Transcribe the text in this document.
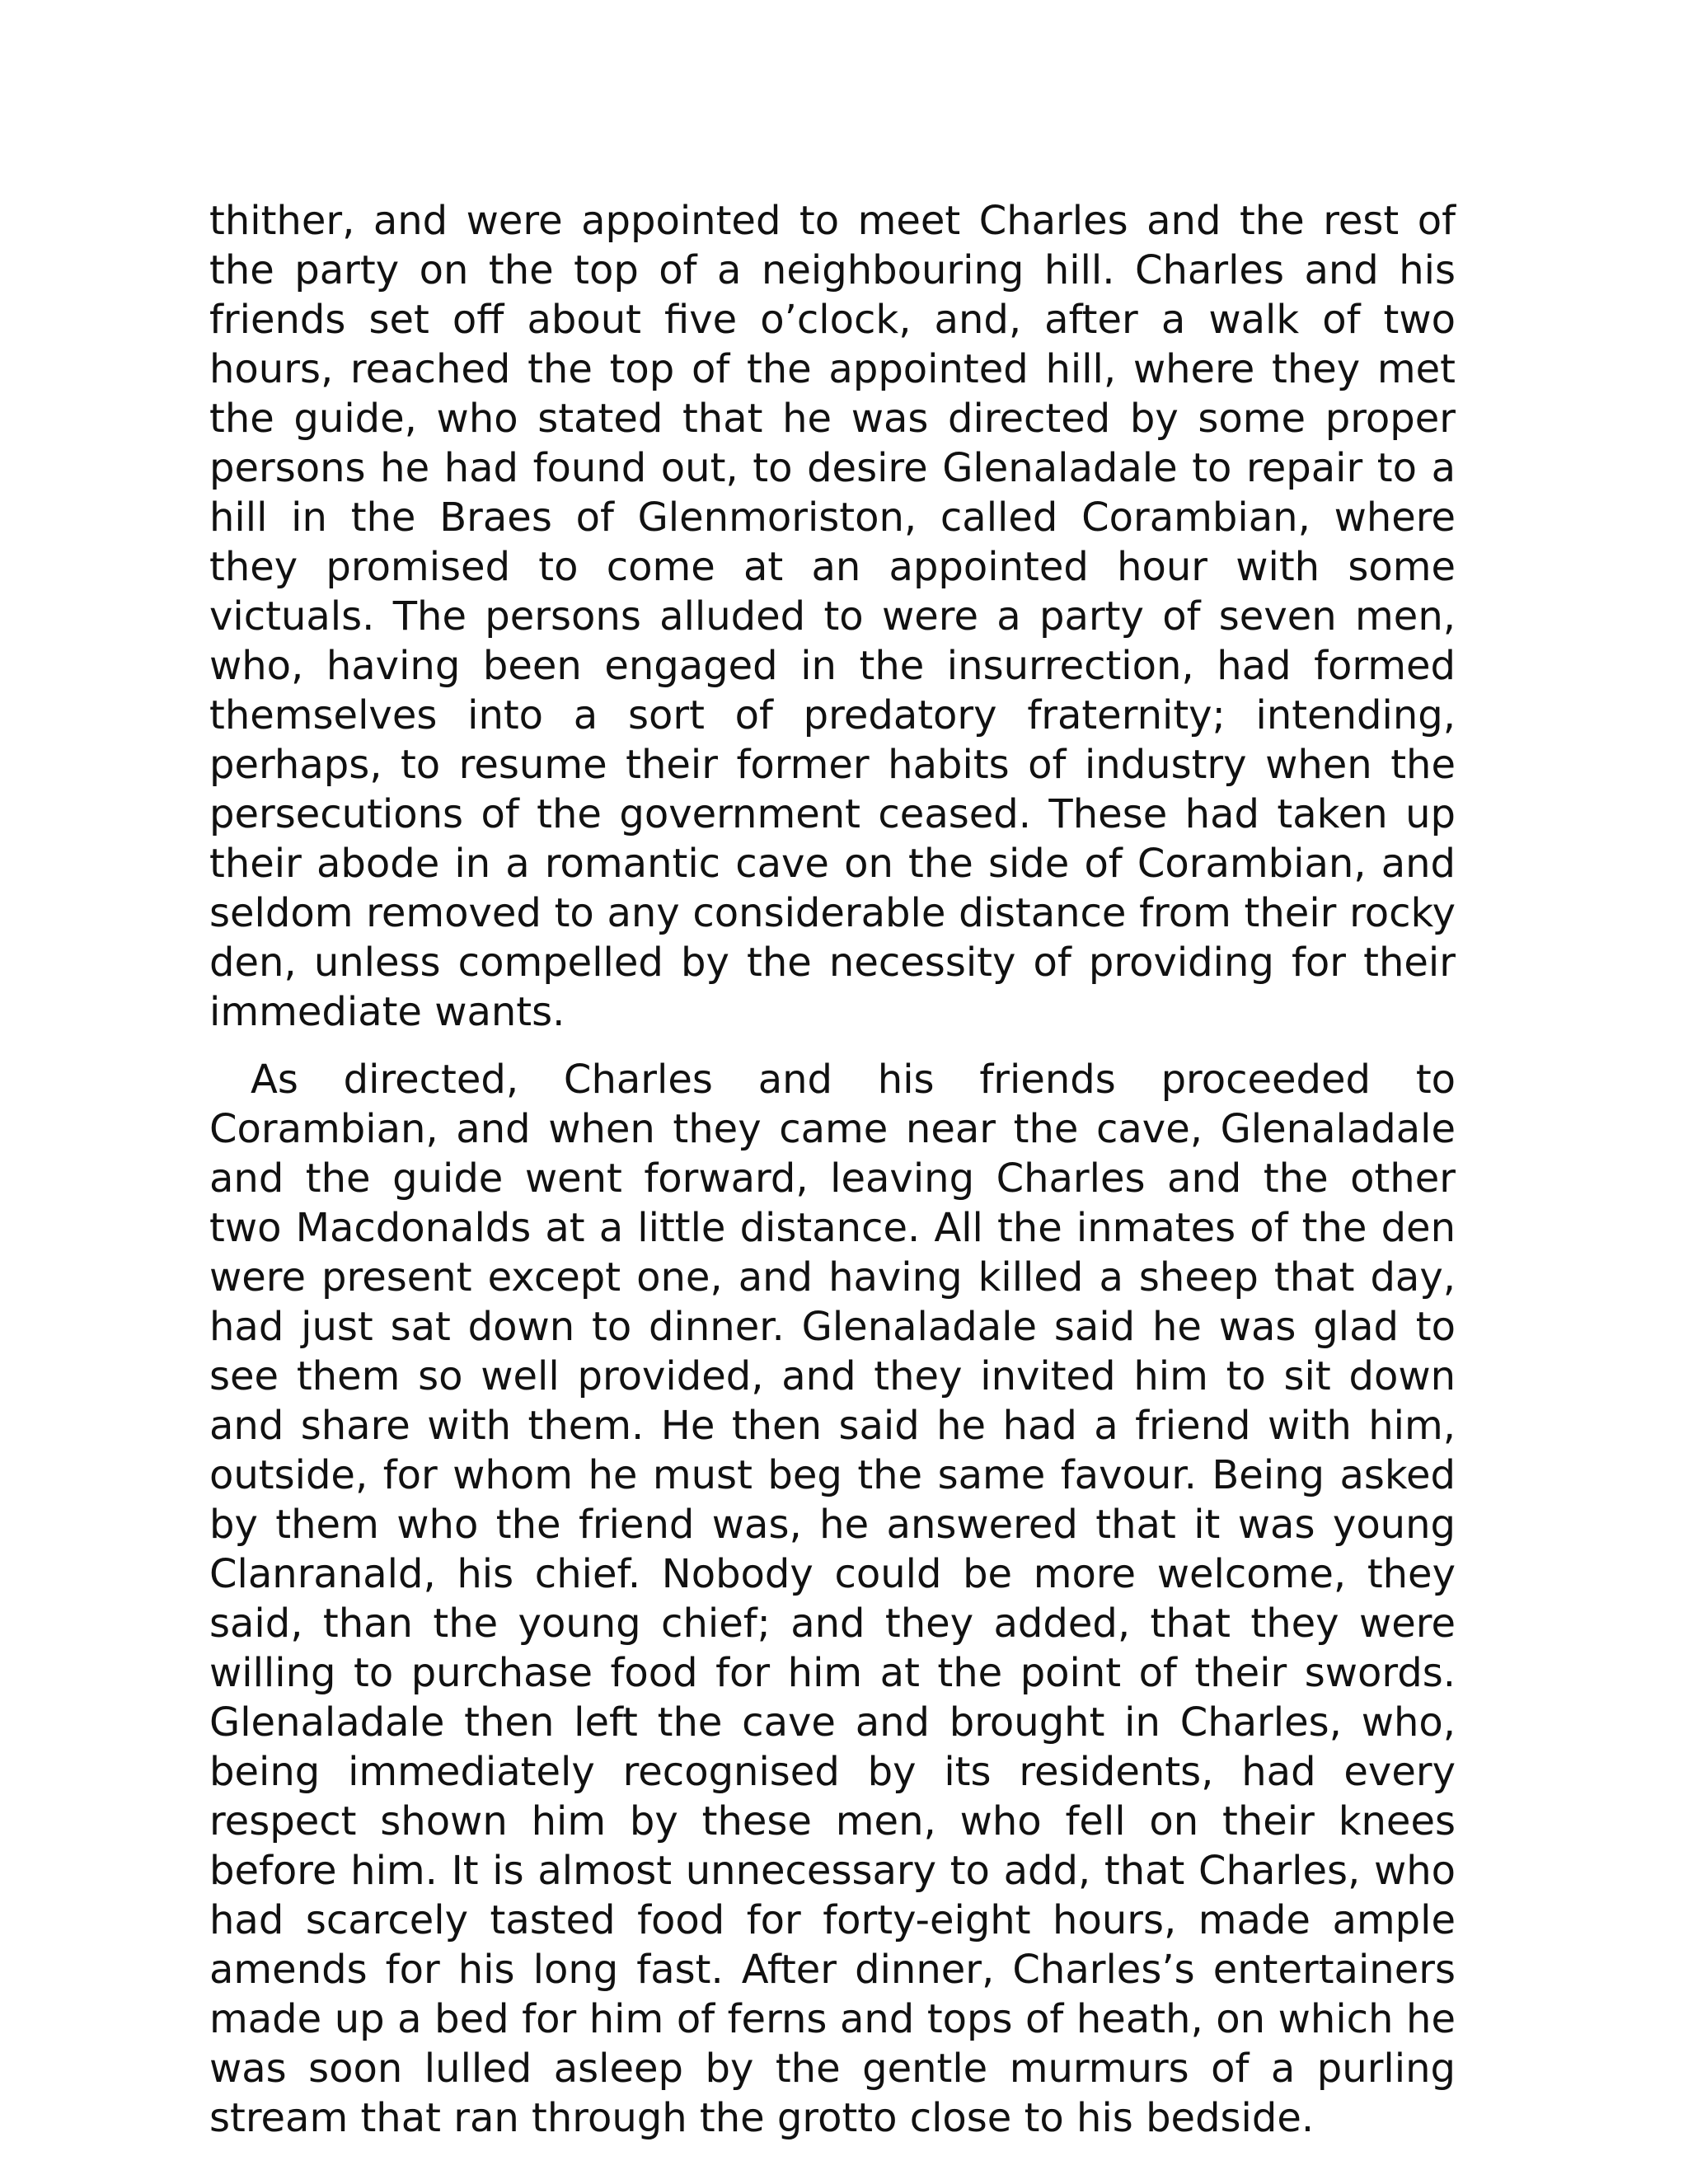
thither, and were appointed to meet Charles and the rest of the party on the top of a neighbouring hill. Charles and his friends set off about five o’clock, and, after a walk of two hours, reached the top of the appointed hill, where they met the guide, who stated that he was directed by some proper persons he had found out, to desire Glenaladale to repair to a hill in the Braes of Glenmoriston, called Corambian, where they promised to come at an appointed hour with some victuals. The persons alluded to were a party of seven men, who, having been engaged in the insurrection, had formed themselves into a sort of predatory fraternity; intending, perhaps, to resume their former habits of industry when the persecutions of the government ceased. These had taken up their abode in a romantic cave on the side of Corambian, and seldom removed to any considerable distance from their rocky den, unless compelled by the necessity of providing for their immediate wants.

As directed, Charles and his friends proceeded to Corambian, and when they came near the cave, Glenaladale and the guide went forward, leaving Charles and the other two Macdonalds at a little distance. All the inmates of the den were present except one, and having killed a sheep that day, had just sat down to dinner. Glenaladale said he was glad to see them so well provided, and they invited him to sit down and share with them. He then said he had a friend with him, outside, for whom he must beg the same favour. Being asked by them who the friend was, he answered that it was young Clanranald, his chief. Nobody could be more welcome, they said, than the young chief; and they added, that they were willing to purchase food for him at the point of their swords. Glenaladale then left the cave and brought in Charles, who, being immediately recognised by its residents, had every respect shown him by these men, who fell on their knees before him. It is almost unnecessary to add, that Charles, who had scarcely tasted food for forty-eight hours, made ample amends for his long fast. After dinner, Charles’s entertainers made up a bed for him of ferns and tops of heath, on which he was soon lulled asleep by the gentle murmurs of a purling stream that ran through the grotto close to his bedside.
